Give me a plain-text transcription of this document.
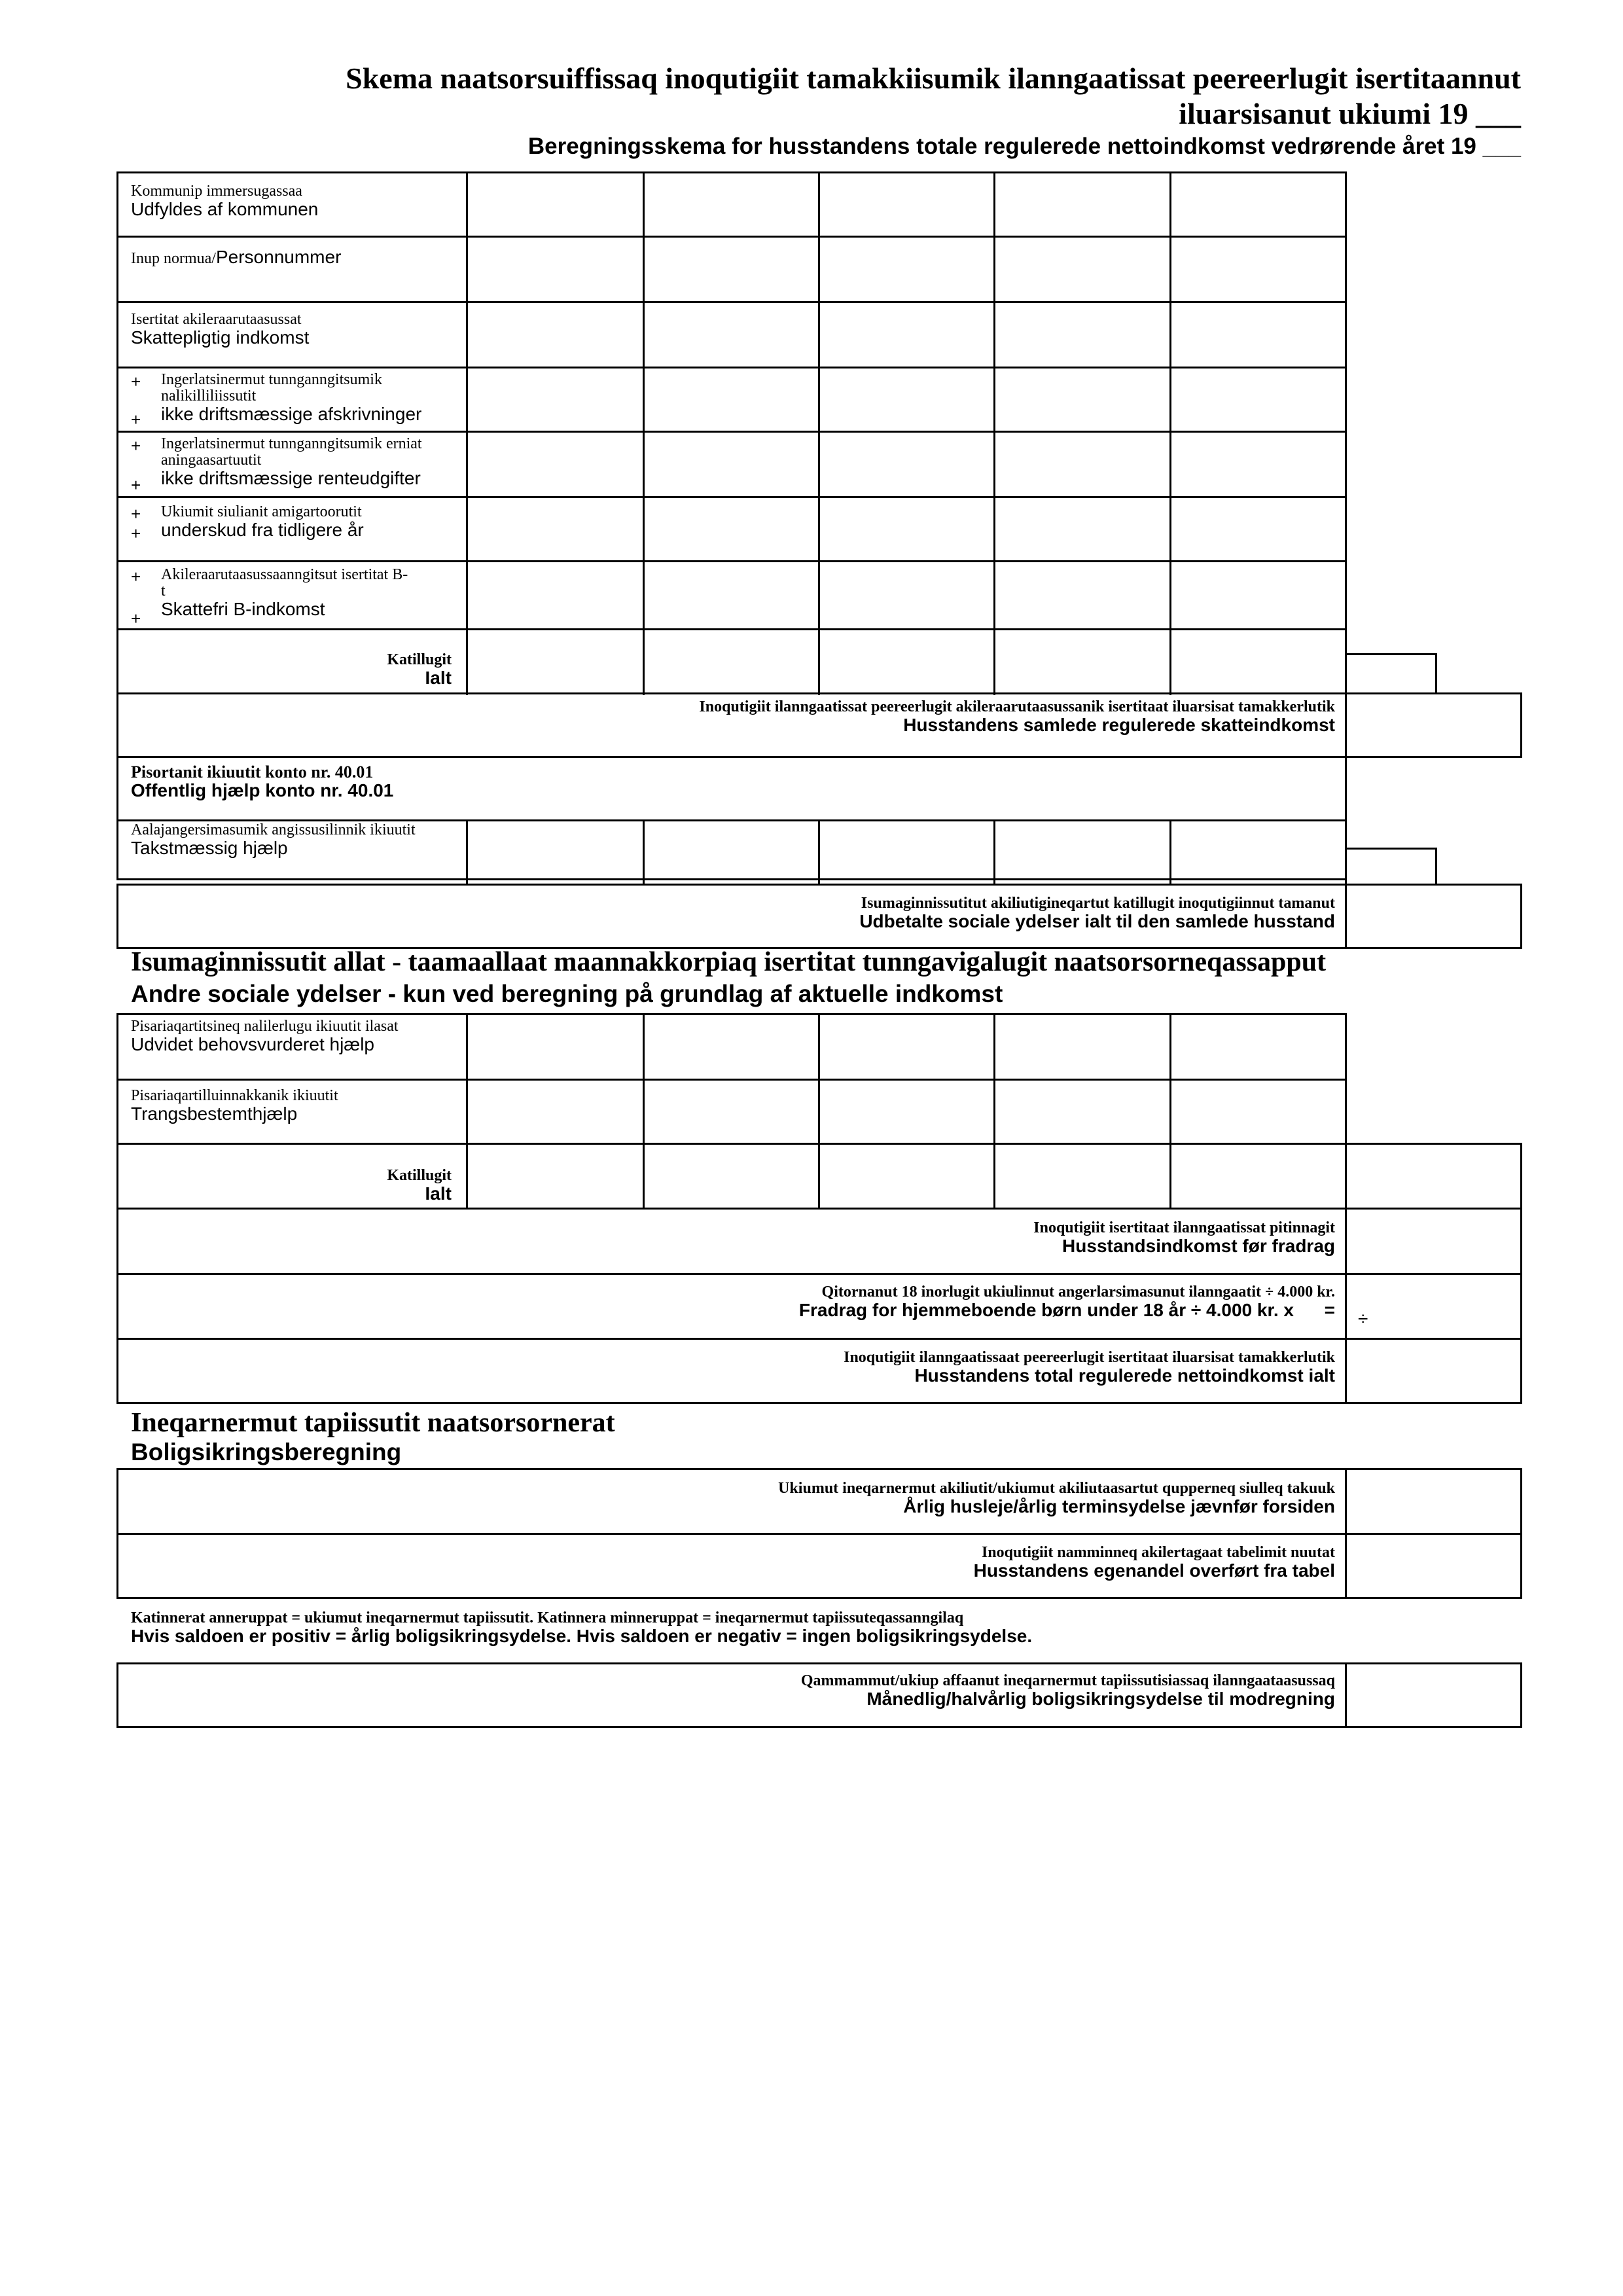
Skema naatsorsuiffissaq inoqutigiit tamakkiisumik ilanngaatissat peereerlugit isertitaannut
iluarsisanut ukiumi 19 ___
Beregningsskema for husstandens totale regulerede nettoindkomst vedrørende året 19 ___
Kommunip immersugassaa
Udfyldes af kommunen
Inup normua/Personnummer
Isertitat akileraarutaasussat
Skattepligtig indkomst
+
+
Ingerlatsinermut tunnganngitsumik nalikilliliissutit
ikke driftsmæssige afskrivninger
+
+
Ingerlatsinermut tunnganngitsumik erniat aningaasartuutit
ikke driftsmæssige renteudgifter
+
+
Ukiumit siulianit amigartoorutit
underskud fra tidligere år
+
+
Akileraarutaasussaanngitsut isertitat B-t
Skattefri B-indkomst
Katillugit
Ialt
Inoqutigiit ilanngaatissat peereerlugit akileraarutaasussanik isertitaat iluarsisat tamakkerlutik
Husstandens samlede regulerede skatteindkomst
Pisortanit ikiuutit konto nr. 40.01
Offentlig hjælp konto nr. 40.01
Aalajangersimasumik angissusilinnik ikiuutit
Takstmæssig hjælp
Isumaginnissutitut akiliutigineqartut katillugit inoqutigiinnut tamanut
Udbetalte sociale ydelser ialt til den samlede husstand
Isumaginnissutit allat - taamaallaat maannakkorpiaq isertitat tunngavigalugit naatsorsorneqassapput
Andre sociale ydelser - kun ved beregning på grundlag af aktuelle indkomst
Pisariaqartitsineq nalilerlugu ikiuutit ilasat
Udvidet behovsvurderet hjælp
Pisariaqartilluinnakkanik ikiuutit
Trangsbestemthjælp
Katillugit
Ialt
Inoqutigiit isertitaat ilanngaatissat pitinnagit
Husstandsindkomst før fradrag
Qitornanut 18 inorlugit ukiulinnut angerlarsimasunut ilanngaatit ÷ 4.000 kr.
Fradrag for hjemmeboende børn under 18 år ÷ 4.000 kr. x = ÷
Inoqutigiit ilanngaatissaat peereerlugit isertitaat iluarsisat tamakkerlutik
Husstandens total regulerede nettoindkomst ialt
Ineqarnermut tapiissutit naatsorsornerat
Boligsikringsberegning
Ukiumut ineqarnermut akiliutit/ukiumut akiliutaasartut qupperneq siulleq takuuk
Årlig husleje/årlig terminsydelse jævnfør forsiden
Inoqutigiit namminneq akilertagaat tabelimit nuutat
Husstandens egenandel overført fra tabel
Katinnerat anneruppat = ukiumut ineqarnermut tapiissutit. Katinnera minneruppat = ineqarnermut tapiissuteqassanngilaq
Hvis saldoen er positiv = årlig boligsikringsydelse. Hvis saldoen er negativ = ingen boligsikringsydelse.
Qammammut/ukiup affaanut ineqarnermut tapiissutisiassaq ilanngaataasussaq
Månedlig/halvårlig boligsikringsydelse til modregning
